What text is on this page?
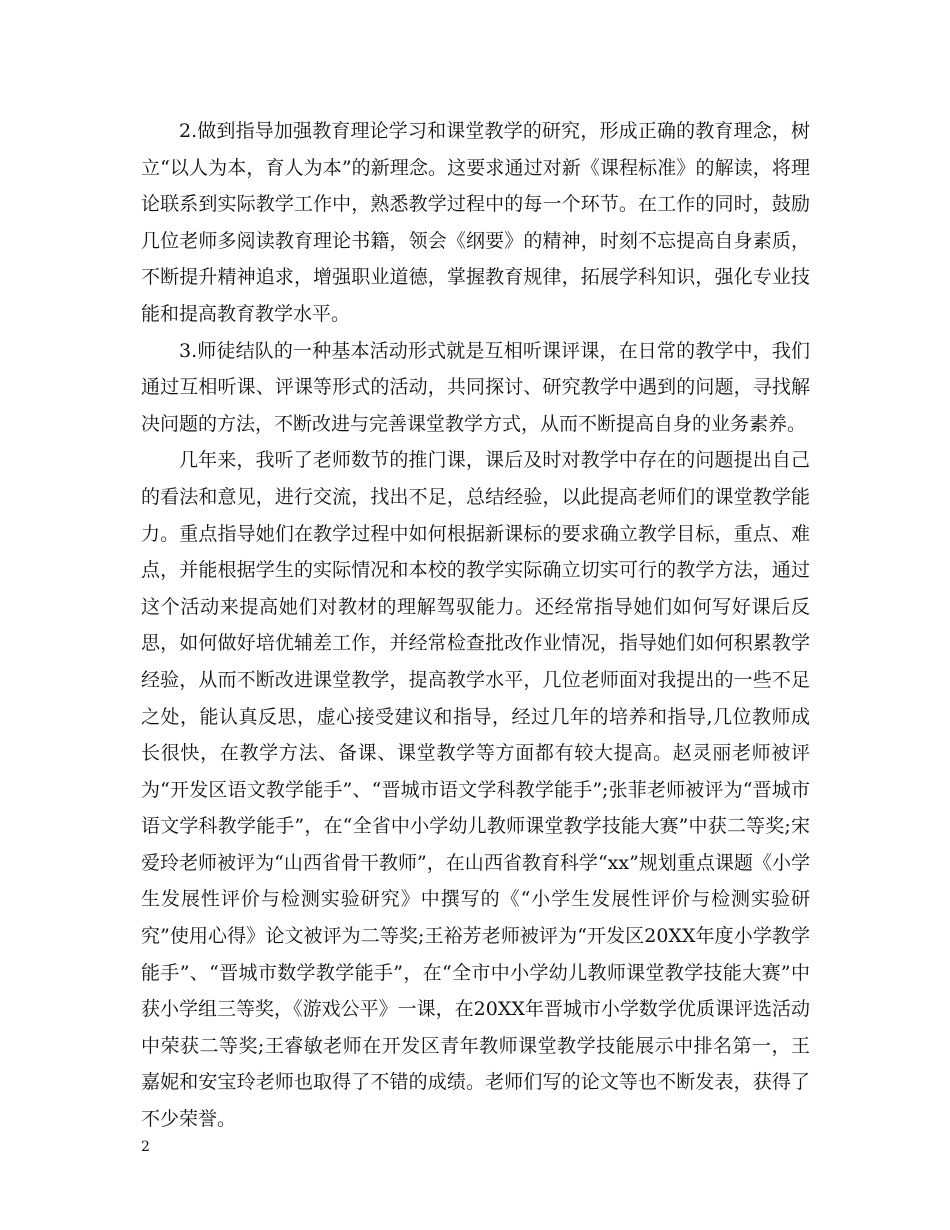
2.做到指导加强教育理论学习和课堂教学的研究，形成正确的教育理念，树立“以人为本，育人为本”的新理念。这要求通过对新《课程标准》的解读，将理论联系到实际教学工作中，熟悉教学过程中的每一个环节。在工作的同时，鼓励几位老师多阅读教育理论书籍，领会《纲要》的精神，时刻不忘提高自身素质，不断提升精神追求，增强职业道德，掌握教育规律，拓展学科知识，强化专业技能和提高教育教学水平。

3.师徒结队的一种基本活动形式就是互相听课评课，在日常的教学中，我们通过互相听课、评课等形式的活动，共同探讨、研究教学中遇到的问题，寻找解决问题的方法，不断改进与完善课堂教学方式，从而不断提高自身的业务素养。

几年来，我听了老师数节的推门课，课后及时对教学中存在的问题提出自己的看法和意见，进行交流，找出不足，总结经验，以此提高老师们的课堂教学能力。重点指导她们在教学过程中如何根据新课标的要求确立教学目标，重点、难点，并能根据学生的实际情况和本校的教学实际确立切实可行的教学方法，通过这个活动来提高她们对教材的理解驾驭能力。还经常指导她们如何写好课后反思，如何做好培优辅差工作，并经常检查批改作业情况，指导她们如何积累教学经验，从而不断改进课堂教学，提高教学水平，几位老师面对我提出的一些不足之处，能认真反思，虚心接受建议和指导，经过几年的培养和指导,几位教师成长很快，在教学方法、备课、课堂教学等方面都有较大提高。赵灵丽老师被评为“开发区语文教学能手”、“晋城市语文学科教学能手”;张菲老师被评为“晋城市语文学科教学能手”，在“全省中小学幼儿教师课堂教学技能大赛”中获二等奖;宋爱玲老师被评为“山西省骨干教师”，在山西省教育科学“xx”规划重点课题《小学生发展性评价与检测实验研究》中撰写的《“小学生发展性评价与检测实验研究”使用心得》论文被评为二等奖;王裕芳老师被评为“开发区20XX年度小学教学能手”、“晋城市数学教学能手”，在“全市中小学幼儿教师课堂教学技能大赛”中获小学组三等奖，《游戏公平》一课，在20XX年晋城市小学数学优质课评选活动中荣获二等奖;王睿敏老师在开发区青年教师课堂教学技能展示中排名第一，王嘉妮和安宝玲老师也取得了不错的成绩。老师们写的论文等也不断发表，获得了不少荣誉。

2
